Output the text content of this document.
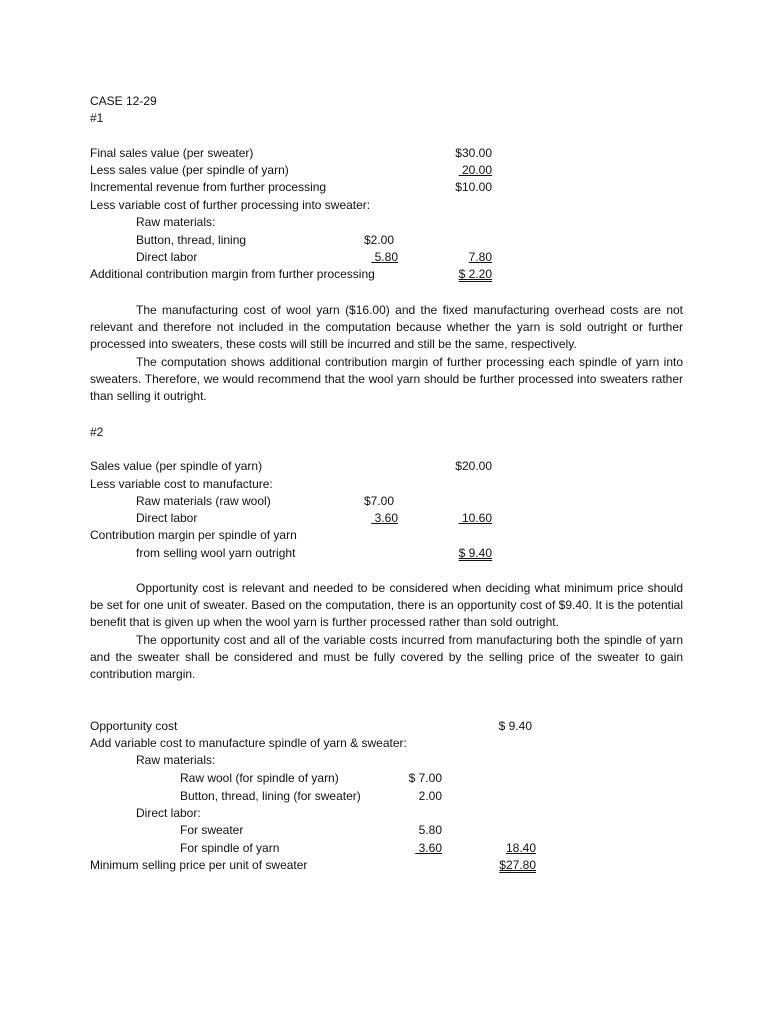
CASE 12-29
#1
Final sales value (per sweater)	$30.00
Less sales value (per spindle of yarn)	20.00
Incremental revenue from further processing	$10.00
Less variable cost of further processing into sweater:
Raw materials:
Button, thread, lining	$2.00
Direct labor	5.80	7.80
Additional contribution margin from further processing	$ 2.20

The manufacturing cost of wool yarn ($16.00) and the fixed manufacturing overhead costs are not relevant and therefore not included in the computation because whether the yarn is sold outright or further processed into sweaters, these costs will still be incurred and still be the same, respectively.

The computation shows additional contribution margin of further processing each spindle of yarn into sweaters. Therefore, we would recommend that the wool yarn should be further processed into sweaters rather than selling it outright.

#2
Sales value (per spindle of yarn)	$20.00
Less variable cost to manufacture:
Raw materials (raw wool)	$7.00
Direct labor	3.60	10.60
Contribution margin per spindle of yarn
from selling wool yarn outright	$ 9.40

Opportunity cost is relevant and needed to be considered when deciding what minimum price should be set for one unit of sweater. Based on the computation, there is an opportunity cost of $9.40. It is the potential benefit that is given up when the wool yarn is further processed rather than sold outright.

The opportunity cost and all of the variable costs incurred from manufacturing both the spindle of yarn and the sweater shall be considered and must be fully covered by the selling price of the sweater to gain contribution margin.

Opportunity cost	$ 9.40
Add variable cost to manufacture spindle of yarn & sweater:
Raw materials:
Raw wool (for spindle of yarn)	$ 7.00
Button, thread, lining (for sweater)	2.00
Direct labor:
For sweater	5.80
For spindle of yarn	3.60	18.40
Minimum selling price per unit of sweater	$27.80
